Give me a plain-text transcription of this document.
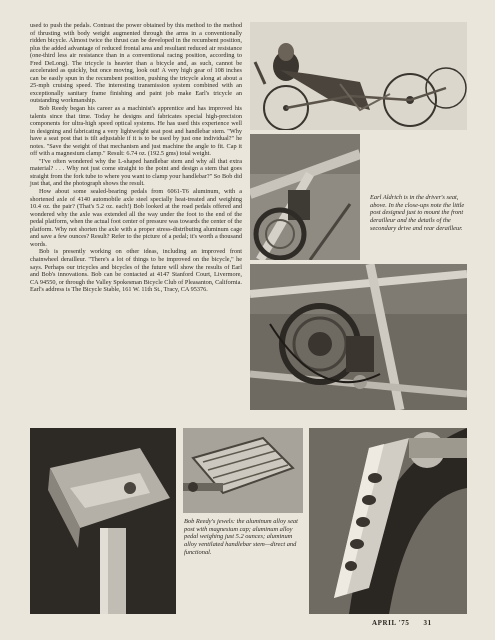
used to push the pedals. Contrast the power obtained by this method to the method of thrusting with body weight augmented through the arms in a conventionally ridden bicycle. Almost twice the thrust can be developed in the recumbent position, plus the added advantage of reduced frontal area and resultant reduced air resistance (one-third less air resistance than in a conventional racing position, according to Fred DeLong). The tricycle is heavier than a bicycle and, as such, cannot be accelerated as quickly, but once moving, look out! A very high gear of 108 inches can be easily spun in the recumbent position, pushing the tricycle along at about a 25-mph cruising speed. The interesting transmission system combined with an exceptionally sanitary frame finishing and paint job make Earl's tricycle an outstanding workmanship.

Bob Reedy began his career as a machinist's apprentice and has improved his talents since that time. Today he designs and fabricates special high-precision components for ultra-high speed optical systems. He has used this experience well in designing and fabricating a very lightweight seat post and handlebar stem. "Why have a seat post that is tilt adjustable if it is to be used by just one individual?" he notes. "Save the weight of that mechanism and just machine the angle to fit. Cap it off with a magnesium clamp." Result: 6.74 oz. (192.5 gms) total weight.

"I've often wondered why the L-shaped handlebar stem and why all that extra material? . . . Why not just come straight to the point and design a stem that goes straight from the fork tube to where you want to clamp your handlebar?" So Bob did just that, and the photograph shows the result.

How about some sealed-bearing pedals from 6061-T6 aluminum, with a shortened axle of 4140 automobile axle steel specially heat-treated and weighing 10.4 oz. the pair? (That's 5.2 oz. each!) Bob looked at the road pedals offered and wondered why the axle was extended all the way under the foot to the end of the pedal platform, when the actual foot center of pressure was towards the center of the platform. Why not shorten the axle with a proper stress-distributing aluminum cage and save a few ounces? Result? Refer to the picture of a pedal; it's worth a thousand words.

Bob is presently working on other ideas, including an improved front chainwheel derailleur. "There's a lot of things to be improved on the bicycle," he says. Perhaps our tricycles and bicycles of the future will show the results of Earl and Bob's innovations. Bob can be contacted at 4147 Stanford Court, Livermore, CA 94550, or through the Valley Spokesman Bicycle Club of Pleasanton, California. Earl's address is The Bicycle Stable, 161 W. 11th St., Tracy, CA 95376.

Earl Aldrich is in the driver's seat, above. In the close-ups note the little post designed just to mount the front derailleur and the details of the secondary drive and rear derailleur.
Bob Reedy's jewels: the aluminum alloy seat post with magnesium cap; aluminum alloy pedal weighing just 5.2 ounces; aluminum alloy ventilated handlebar stem—direct and functional.
APRIL '75 31
